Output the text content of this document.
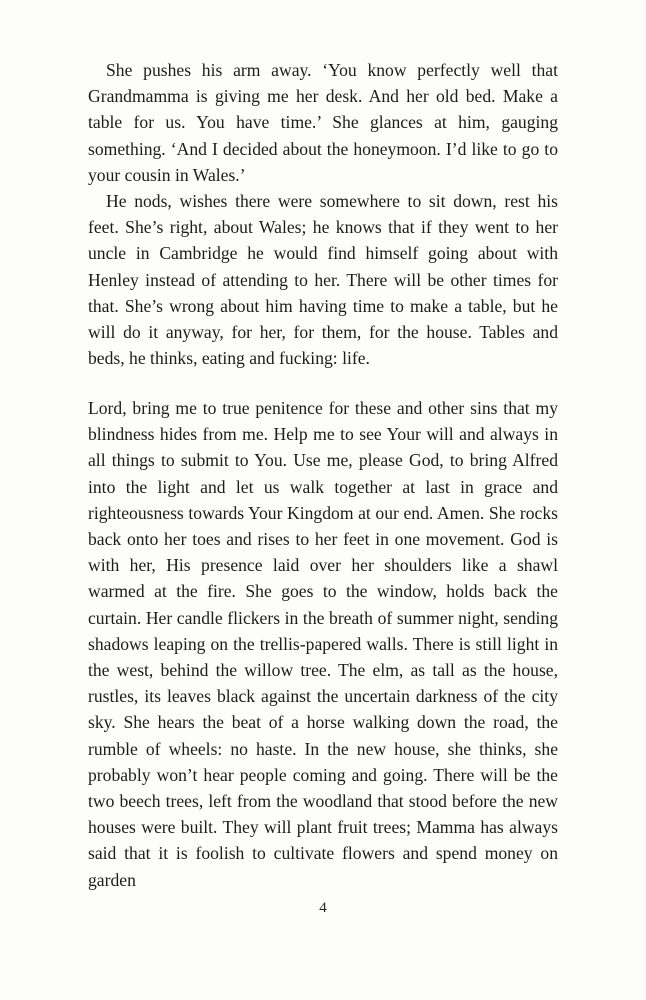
She pushes his arm away. ‘You know perfectly well that Grandmamma is giving me her desk. And her old bed. Make a table for us. You have time.’ She glances at him, gauging something. ‘And I decided about the honeymoon. I’d like to go to your cousin in Wales.’

He nods, wishes there were somewhere to sit down, rest his feet. She’s right, about Wales; he knows that if they went to her uncle in Cambridge he would find himself going about with Henley instead of attending to her. There will be other times for that. She’s wrong about him having time to make a table, but he will do it anyway, for her, for them, for the house. Tables and beds, he thinks, eating and fucking: life.

Lord, bring me to true penitence for these and other sins that my blindness hides from me. Help me to see Your will and always in all things to submit to You. Use me, please God, to bring Alfred into the light and let us walk together at last in grace and righteousness towards Your Kingdom at our end. Amen. She rocks back onto her toes and rises to her feet in one movement. God is with her, His presence laid over her shoulders like a shawl warmed at the fire. She goes to the window, holds back the curtain. Her candle flickers in the breath of summer night, sending shadows leaping on the trellis-papered walls. There is still light in the west, behind the willow tree. The elm, as tall as the house, rustles, its leaves black against the uncertain darkness of the city sky. She hears the beat of a horse walking down the road, the rumble of wheels: no haste. In the new house, she thinks, she probably won’t hear people coming and going. There will be the two beech trees, left from the woodland that stood before the new houses were built. They will plant fruit trees; Mamma has always said that it is foolish to cultivate flowers and spend money on garden

4
